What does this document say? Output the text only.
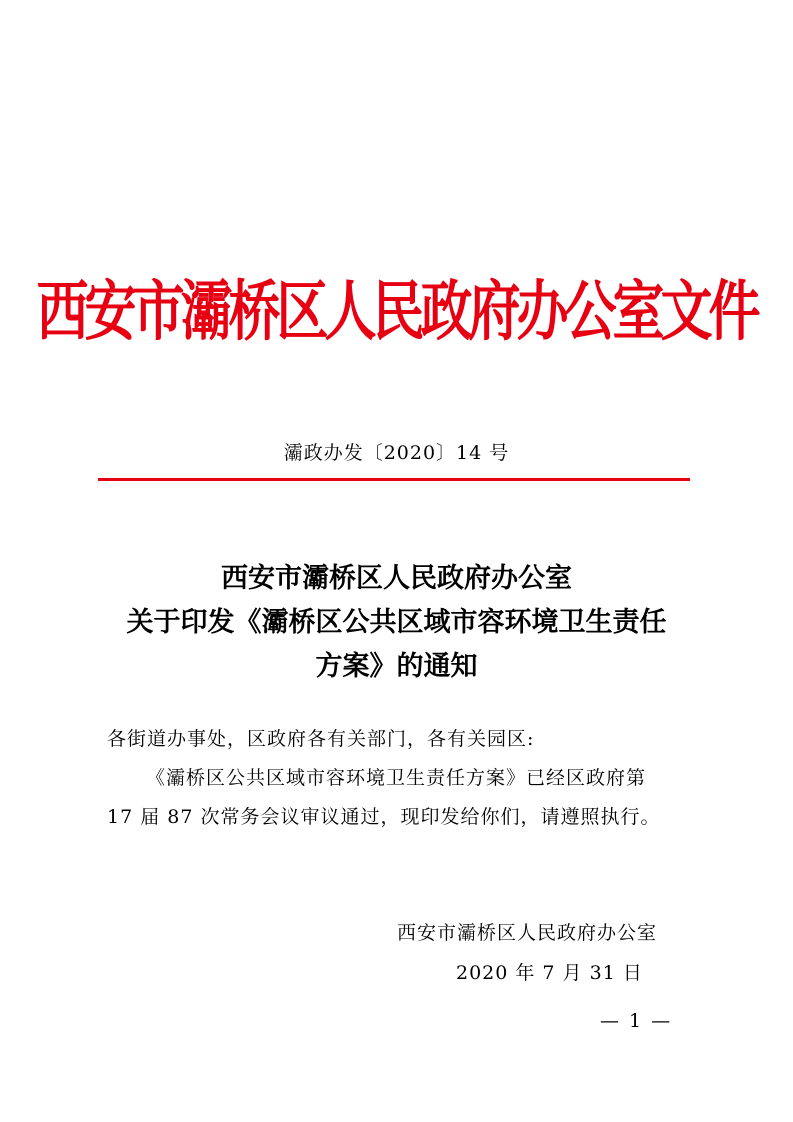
西安市灞桥区人民政府办公室文件
灞政办发〔2020〕14 号
西安市灞桥区人民政府办公室
关于印发《灞桥区公共区域市容环境卫生责任
方案》的通知
各街道办事处，区政府各有关部门，各有关园区:
《灞桥区公共区域市容环境卫生责任方案》已经区政府第
17 届 87 次常务会议审议通过，现印发给你们，请遵照执行。
西安市灞桥区人民政府办公室
2020 年 7 月 31 日
— 1 —
